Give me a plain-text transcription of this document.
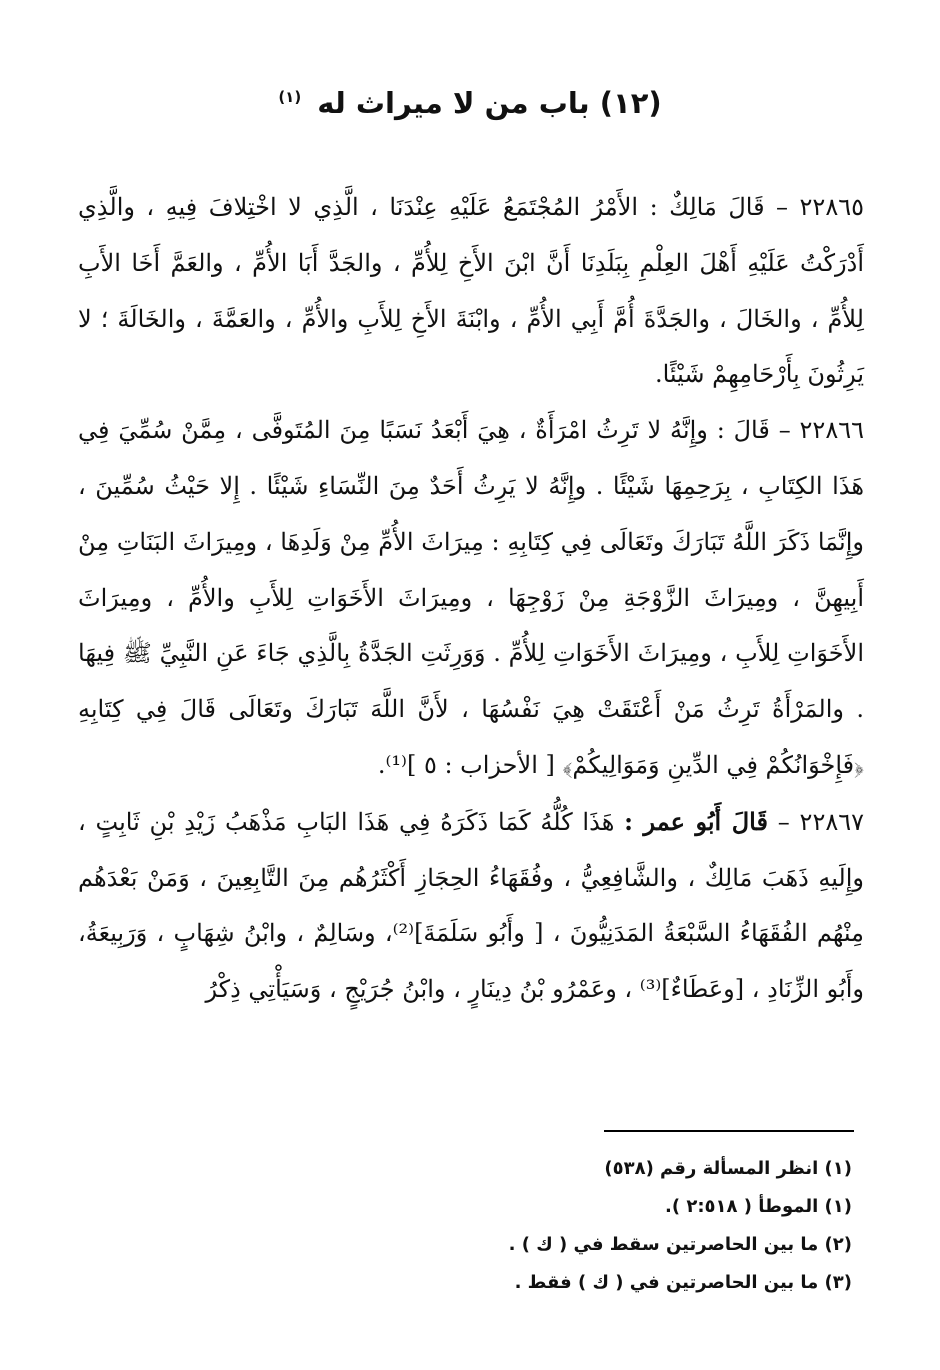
(١٢) باب من لا ميراث له $^{(١)}$

٢٢٨٦٥ – قَالَ مَالِكٌ : الأَمْرُ المُجْتَمَعُ عَلَيْهِ عِنْدَنَا ، الَّذِي لا اخْتِلافَ فِيهِ ، والَّذِي أَدْرَكْتُ عَلَيْهِ أَهْلَ العِلْمِ بِبَلَدِنَا أَنَّ ابْنَ الأَخِ لِلأُمِّ ، والجَدَّ أَبَا الأُمِّ ، والعَمَّ أَخَا الأَبِ لِلأُمِّ ، والخَالَ ، والجَدَّةَ أُمَّ أَبِي الأُمِّ ، وابْنَةَ الأَخِ لِلأَبِ والأُمِّ ، والعَمَّةَ ، والخَالَةَ ؛ لا يَرِثُونَ بِأَرْحَامِهِمْ شَيْئًا.

٢٢٨٦٦ – قَالَ : وإِنَّهُ لا تَرِثُ امْرَأَةٌ ، هِيَ أَبْعَدُ نَسَبًا مِنَ المُتَوفَّى ، مِمَّنْ سُمِّيَ فِي هَذَا الكِتَابِ ، بِرَحِمِهَا شَيْئًا . وإِنَّهُ لا يَرِثُ أَحَدٌ مِنَ النِّسَاءِ شَيْئًا . إِلا حَيْثُ سُمِّينَ ، وإِنَّمَا ذَكَرَ اللَّهُ تَبَارَكَ وتَعَالَى فِي كِتَابِهِ : مِيرَاثَ الأُمِّ مِنْ وَلَدِهَا ، ومِيرَاثَ البَنَاتِ مِنْ أَبِيهِنَّ ، ومِيرَاثَ الزَّوْجَةِ مِنْ زَوْجِهَا ، ومِيرَاثَ الأَخَوَاتِ لِلأَبِ والأُمِّ ، ومِيرَاثَ الأَخَوَاتِ لِلأَبِ ، ومِيرَاثَ الأَخَوَاتِ لِلأُمِّ . وَوَرِثَتِ الجَدَّةُ بِالَّذِي جَاءَ عَنِ النَّبِيِّ ﷺ فِيهَا . والمَرْأَةُ تَرِثُ مَنْ أَعْتَقَتْ هِيَ نَفْسُهَا ، لأَنَّ اللَّهَ تَبَارَكَ وتَعَالَى قَالَ فِي كِتَابِهِ ﴿فَإِخْوَانُكُمْ فِي الدِّينِ وَمَوَالِيكُمْ﴾ [ الأحزاب : ٥ ]⁽¹⁾.

٢٢٨٦٧ – قَالَ أَبُو عمر : هَذَا كُلُّهُ كَمَا ذَكَرَهُ فِي هَذَا البَابِ مَذْهَبُ زَيْدِ بْنِ ثَابِتٍ ، وإِلَيهِ ذَهَبَ مَالِكٌ ، والشَّافِعِيُّ ، وفُقَهَاءُ الحِجَازِ أَكْثَرُهُم مِنَ التَّابِعِينَ ، وَمَنْ بَعْدَهُم مِنْهُم الفُقَهَاءُ السَّبْعَةُ المَدَنِيُّونَ ، [ وأَبُو سَلَمَةَ]⁽²⁾، وسَالِمٌ ، وابْنُ شِهَابٍ ، وَرَبِيعَةُ، وأَبُو الزِّنَادِ ، [وعَطَاءٌ]⁽³⁾ ، وعَمْرُو بْنُ دِينَارٍ ، وابْنُ جُرَيْجٍ ، وَسَيَأْتِي ذِكْرُ

(١) انظر المسألة رقم (٥٣٨)
(١) الموطأ ( ٢:٥١٨ ).
(٢) ما بين الحاصرتين سقط في ( ك ) .
(٣) ما بين الحاصرتين في ( ك ) فقط .
